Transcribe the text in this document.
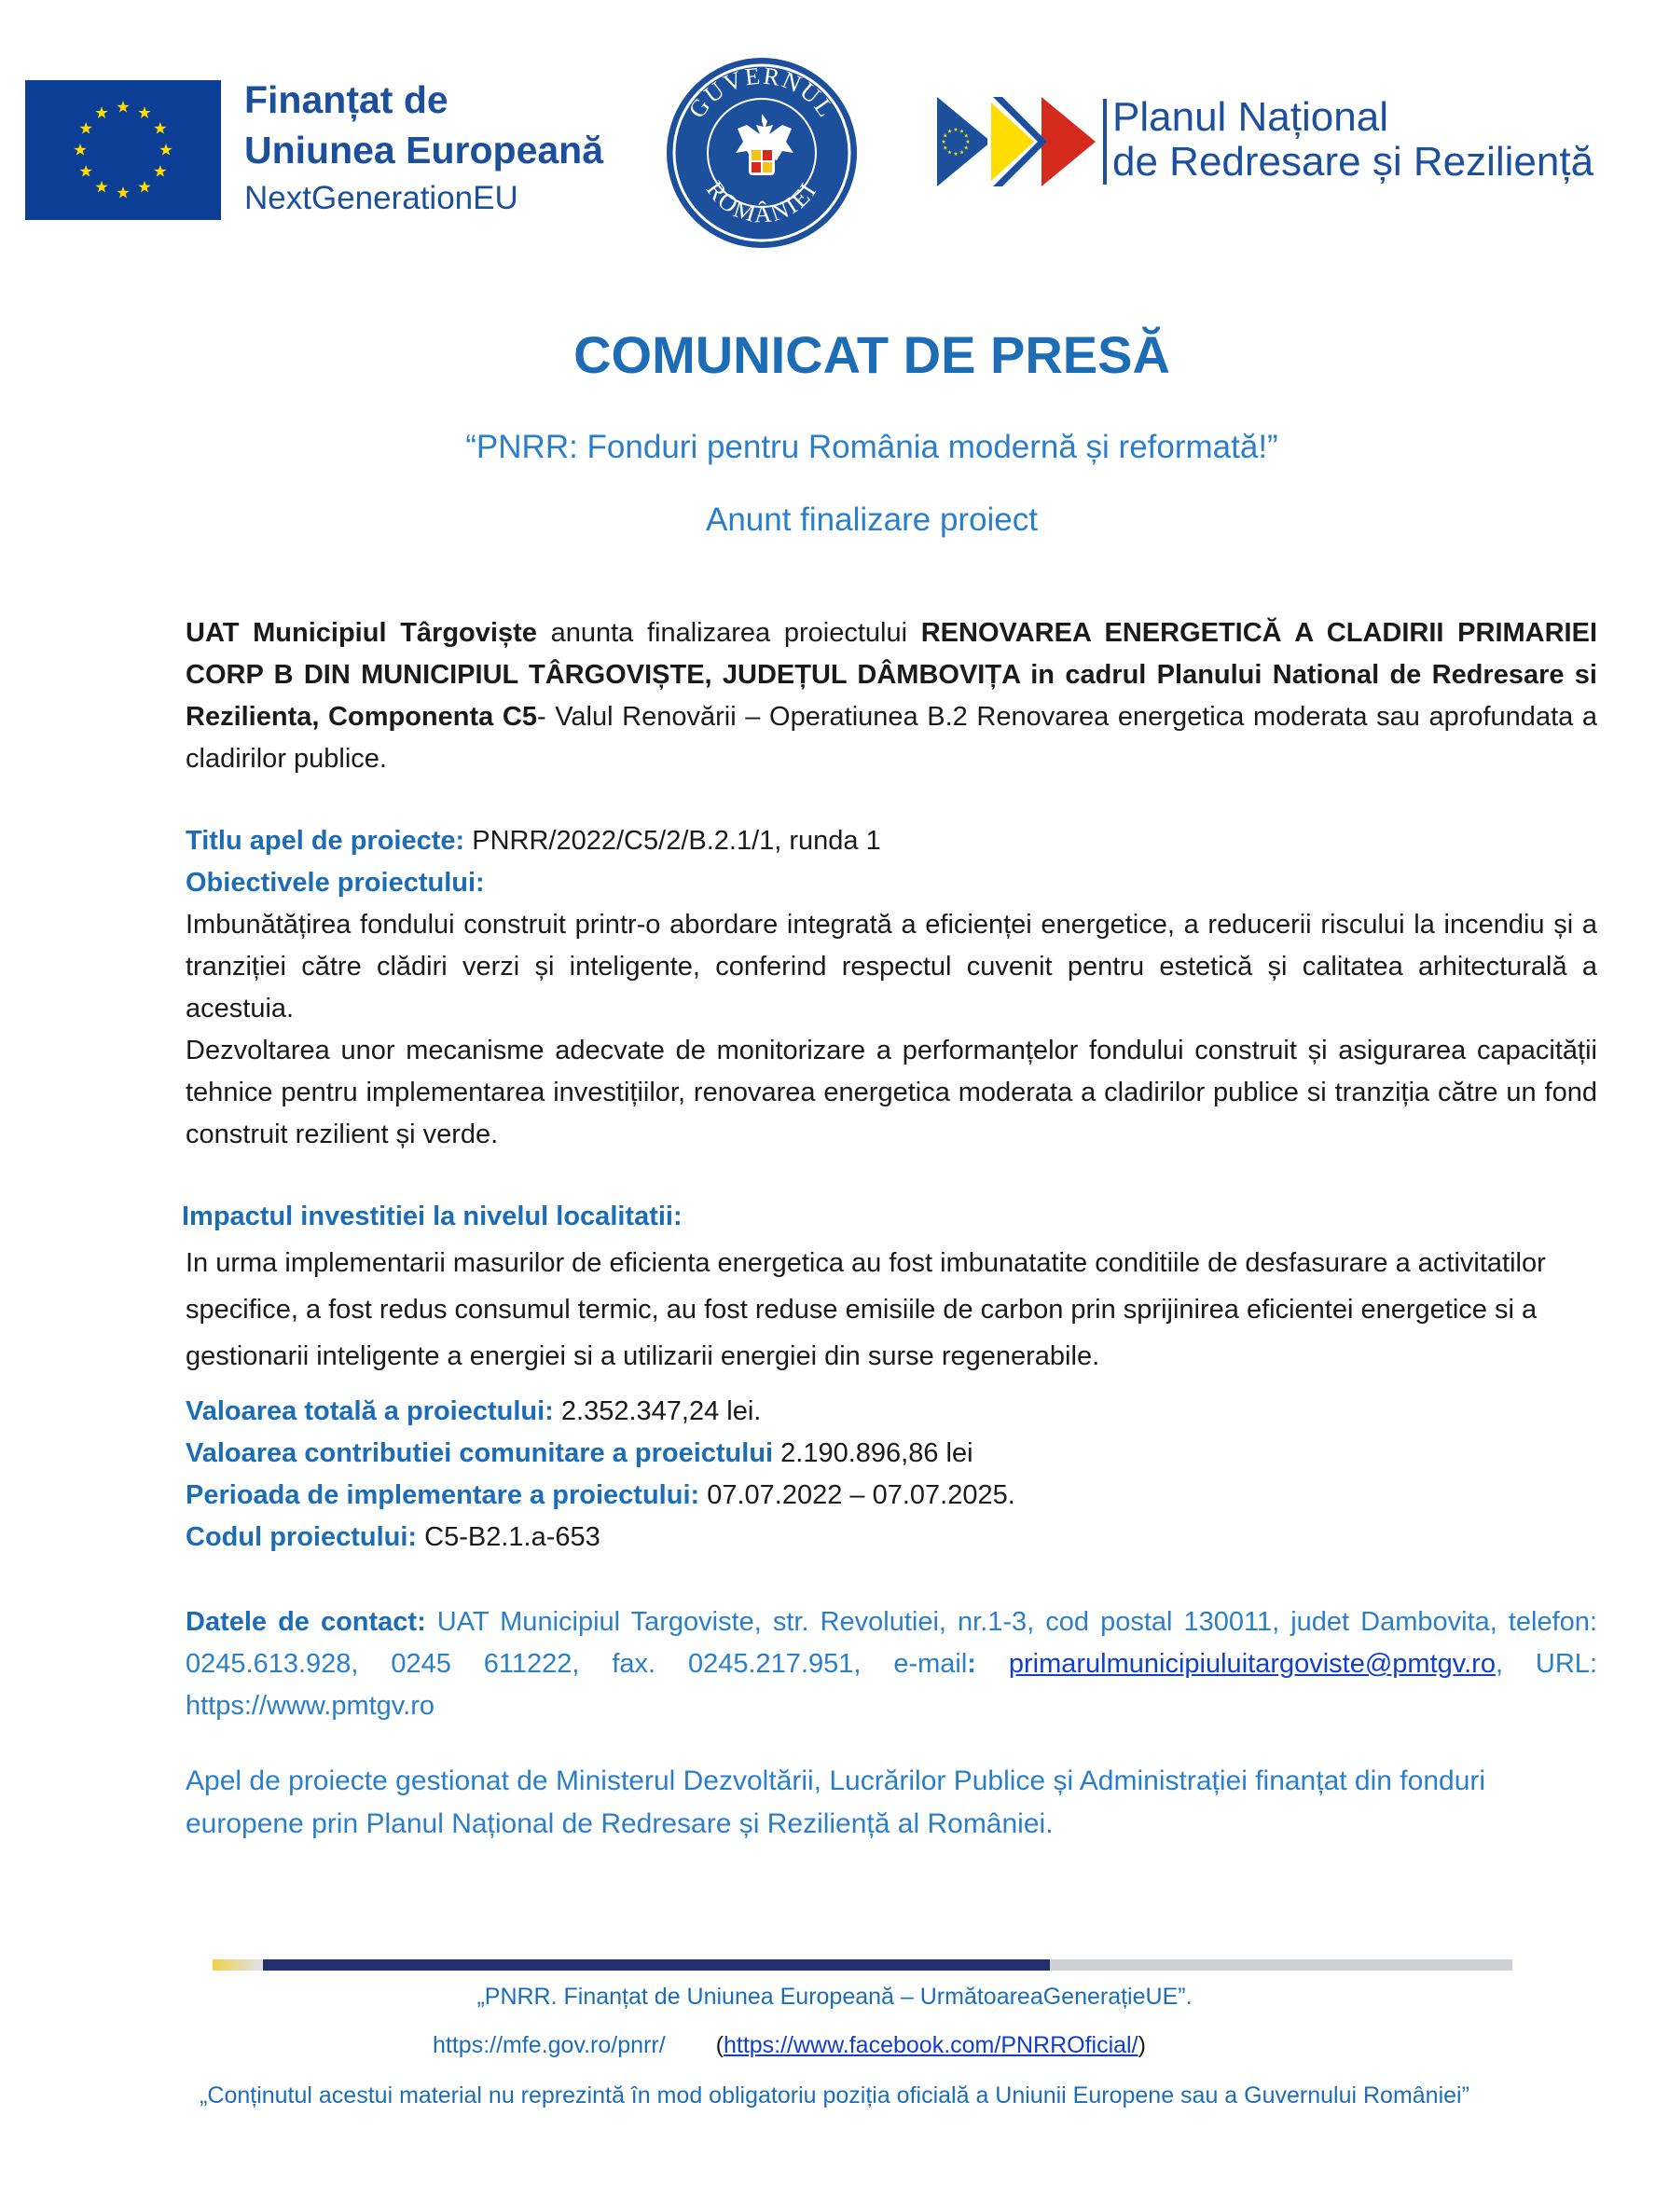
Finanțat de
Uniunea Europeană
NextGenerationEU
GUVERNUL
ROMÂNIEI
Planul Național
de Redresare și Reziliență
COMUNICAT DE PRESĂ
“PNRR: Fonduri pentru România modernă și reformată!”
Anunt finalizare proiect
UAT Municipiul Târgoviște anunta finalizarea proiectului RENOVAREA ENERGETICĂ A CLADIRII PRIMARIEI CORP B DIN MUNICIPIUL TÂRGOVIȘTE, JUDEȚUL DÂMBOVIȚA in cadrul Planului National de Redresare si Rezilienta, Componenta C5- Valul Renovării – Operatiunea B.2 Renovarea energetica moderata sau aprofundata a cladirilor publice.
Titlu apel de proiecte: PNRR/2022/C5/2/B.2.1/1, runda 1
Obiectivele proiectului:
Imbunătățirea fondului construit printr-o abordare integrată a eficienței energetice, a reducerii riscului la incendiu și a tranziției către clădiri verzi și inteligente, conferind respectul cuvenit pentru estetică și calitatea arhitecturală a acestuia.
Dezvoltarea unor mecanisme adecvate de monitorizare a performanțelor fondului construit și asigurarea capacității tehnice pentru implementarea investițiilor, renovarea energetica moderata a cladirilor publice si tranziția către un fond construit rezilient și verde.
Impactul investitiei la nivelul localitatii:
In urma implementarii masurilor de eficienta energetica au fost imbunatatite conditiile de desfasurare a activitatilor specifice, a fost redus consumul termic, au fost reduse emisiile de carbon prin sprijinirea eficientei energetice si a gestionarii inteligente a energiei si a utilizarii energiei din surse regenerabile.
Valoarea totală a proiectului: 2.352.347,24 lei.
Valoarea contributiei comunitare a proeictului 2.190.896,86 lei
Perioada de implementare a proiectului: 07.07.2022 – 07.07.2025.
Codul proiectului: C5-B2.1.a-653
Datele de contact: UAT Municipiul Targoviste, str. Revolutiei, nr.1-3, cod postal 130011, judet Dambovita, telefon: 0245.613.928, 0245 611222, fax. 0245.217.951, e-mail: primarulmunicipiuluitargoviste@pmtgv.ro, URL: https://www.pmtgv.ro
Apel de proiecte gestionat de Ministerul Dezvoltării, Lucrărilor Publice și Administrației finanțat din fonduri europene prin Planul Național de Redresare și Reziliență al României.
„PNRR. Finanțat de Uniunea Europeană – UrmătoareaGenerațieUE”.
https://mfe.gov.ro/pnrr/ (https://www.facebook.com/PNRROficial/)
„Conținutul acestui material nu reprezintă în mod obligatoriu poziția oficială a Uniunii Europene sau a Guvernului României”
